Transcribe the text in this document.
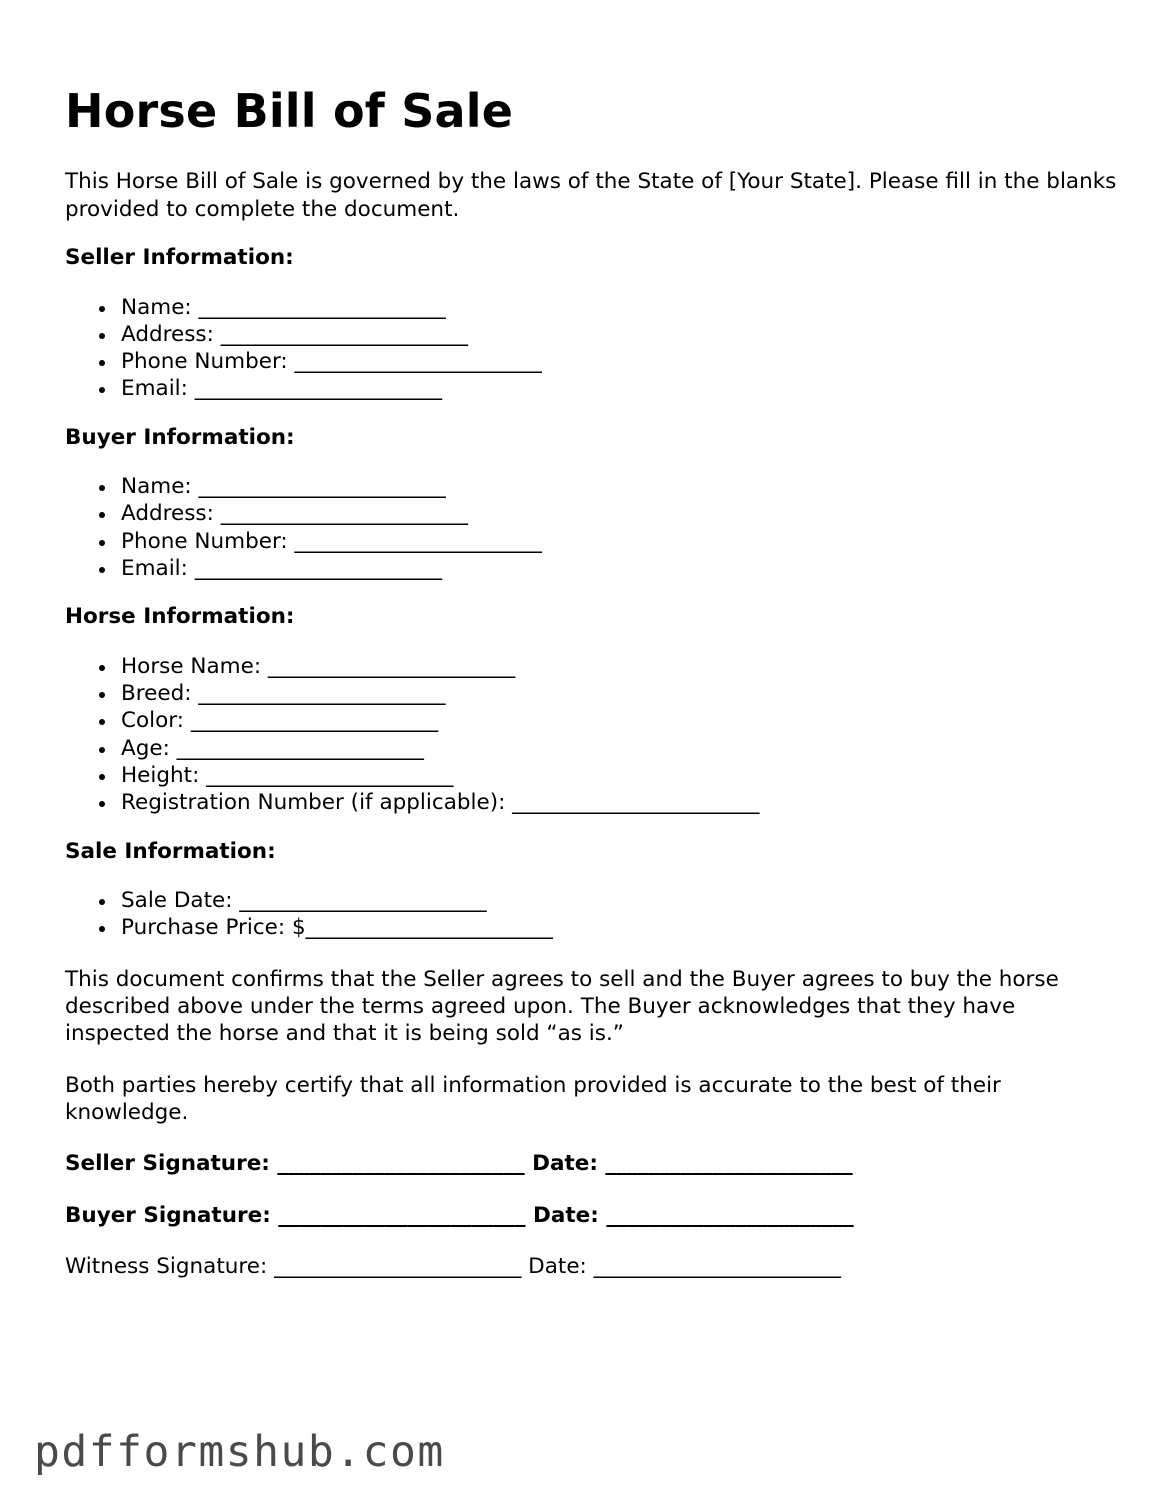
Horse Bill of Sale

This Horse Bill of Sale is governed by the laws of the State of [Your State]. Please fill in the blanks provided to complete the document.

Seller Information:

Name: _______________________
Address: _______________________
Phone Number: _______________________
Email: _______________________

Buyer Information:

Name: _______________________
Address: _______________________
Phone Number: _______________________
Email: _______________________

Horse Information:

Horse Name: _______________________
Breed: _______________________
Color: _______________________
Age: _______________________
Height: _______________________
Registration Number (if applicable): _______________________

Sale Information:

Sale Date: _______________________
Purchase Price: $_______________________

This document confirms that the Seller agrees to sell and the Buyer agrees to buy the horse described above under the terms agreed upon. The Buyer acknowledges that they have inspected the horse and that it is being sold “as is.”

Both parties hereby certify that all information provided is accurate to the best of their knowledge.

Seller Signature: _______________________ Date: _______________________

Buyer Signature: _______________________ Date: _______________________

Witness Signature: _______________________ Date: _______________________

pdfformshub.com
